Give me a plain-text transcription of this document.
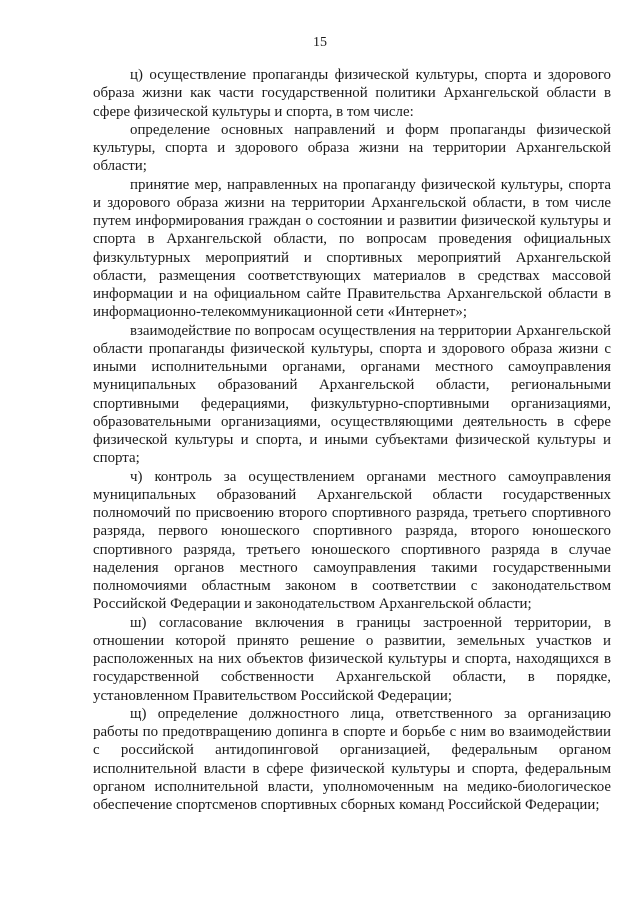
15

ц) осуществление пропаганды физической культуры, спорта и здорового образа жизни как части государственной политики Архангельской области в сфере физической культуры и спорта, в том числе:

определение основных направлений и форм пропаганды физической культуры, спорта и здорового образа жизни на территории Архангельской области;

принятие мер, направленных на пропаганду физической культуры, спорта и здорового образа жизни на территории Архангельской области, в том числе путем информирования граждан о состоянии и развитии физической культуры и спорта в Архангельской области, по вопросам проведения официальных физкультурных мероприятий и спортивных мероприятий Архангельской области, размещения соответствующих материалов в средствах массовой информации и на официальном сайте Правительства Архангельской области в информационно-телекоммуникационной сети «Интернет»;

взаимодействие по вопросам осуществления на территории Архангельской области пропаганды физической культуры, спорта и здорового образа жизни с иными исполнительными органами, органами местного самоуправления муниципальных образований Архангельской области, региональными спортивными федерациями, физкультурно-спортивными организациями, образовательными организациями, осуществляющими деятельность в сфере физической культуры и спорта, и иными субъектами физической культуры и спорта;

ч) контроль за осуществлением органами местного самоуправления муниципальных образований Архангельской области государственных полномочий по присвоению второго спортивного разряда, третьего спортивного разряда, первого юношеского спортивного разряда, второго юношеского спортивного разряда, третьего юношеского спортивного разряда в случае наделения органов местного самоуправления такими государственными полномочиями областным законом в соответствии с законодательством Российской Федерации и законодательством Архангельской области;

ш) согласование включения в границы застроенной территории, в отношении которой принято решение о развитии, земельных участков и расположенных на них объектов физической культуры и спорта, находящихся в государственной собственности Архангельской области, в порядке, установленном Правительством Российской Федерации;

щ) определение должностного лица, ответственного за организацию работы по предотвращению допинга в спорте и борьбе с ним во взаимодействии с российской антидопинговой организацией, федеральным органом исполнительной власти в сфере физической культуры и спорта, федеральным органом исполнительной власти, уполномоченным на медико-биологическое обеспечение спортсменов спортивных сборных команд Российской Федерации;
